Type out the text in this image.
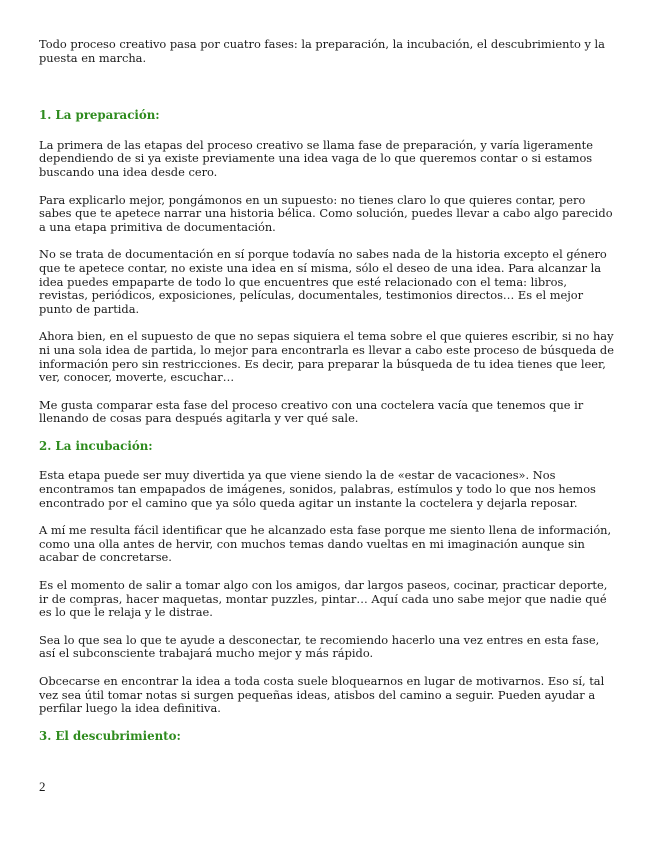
Todo proceso creativo pasa por cuatro fases: la preparación, la incubación, el descubrimiento y la puesta en marcha.

1. La preparación:

La primera de las etapas del proceso creativo se llama fase de preparación, y varía ligeramente dependiendo de si ya existe previamente una idea vaga de lo que queremos contar o si estamos buscando una idea desde cero.

Para explicarlo mejor, pongámonos en un supuesto: no tienes claro lo que quieres contar, pero sabes que te apetece narrar una historia bélica. Como solución, puedes llevar a cabo algo parecido a una etapa primitiva de documentación.

No se trata de documentación en sí porque todavía no sabes nada de la historia excepto el género que te apetece contar, no existe una idea en sí misma, sólo el deseo de una idea. Para alcanzar la idea puedes empaparte de todo lo que encuentres que esté relacionado con el tema: libros, revistas, periódicos, exposiciones, películas, documentales, testimonios directos… Es el mejor punto de partida.

Ahora bien, en el supuesto de que no sepas siquiera el tema sobre el que quieres escribir, si no hay ni una sola idea de partida, lo mejor para encontrarla es llevar a cabo este proceso de búsqueda de información pero sin restricciones. Es decir, para preparar la búsqueda de tu idea tienes que leer, ver, conocer, moverte, escuchar…

Me gusta comparar esta fase del proceso creativo con una coctelera vacía que tenemos que ir llenando de cosas para después agitarla y ver qué sale.

2. La incubación:

Esta etapa puede ser muy divertida ya que viene siendo la de «estar de vacaciones». Nos encontramos tan empapados de imágenes, sonidos, palabras, estímulos y todo lo que nos hemos encontrado por el camino que ya sólo queda agitar un instante la coctelera y dejarla reposar.

A mí me resulta fácil identificar que he alcanzado esta fase porque me siento llena de información, como una olla antes de hervir, con muchos temas dando vueltas en mi imaginación aunque sin acabar de concretarse.

Es el momento de salir a tomar algo con los amigos, dar largos paseos, cocinar, practicar deporte, ir de compras, hacer maquetas, montar puzzles, pintar… Aquí cada uno sabe mejor que nadie qué es lo que le relaja y le distrae.

Sea lo que sea lo que te ayude a desconectar, te recomiendo hacerlo una vez entres en esta fase, así el subconsciente trabajará mucho mejor y más rápido.

Obcecarse en encontrar la idea a toda costa suele bloquearnos en lugar de motivarnos. Eso sí, tal vez sea útil tomar notas si surgen pequeñas ideas, atisbos del camino a seguir. Pueden ayudar a perfilar luego la idea definitiva.

3. El descubrimiento:
2
